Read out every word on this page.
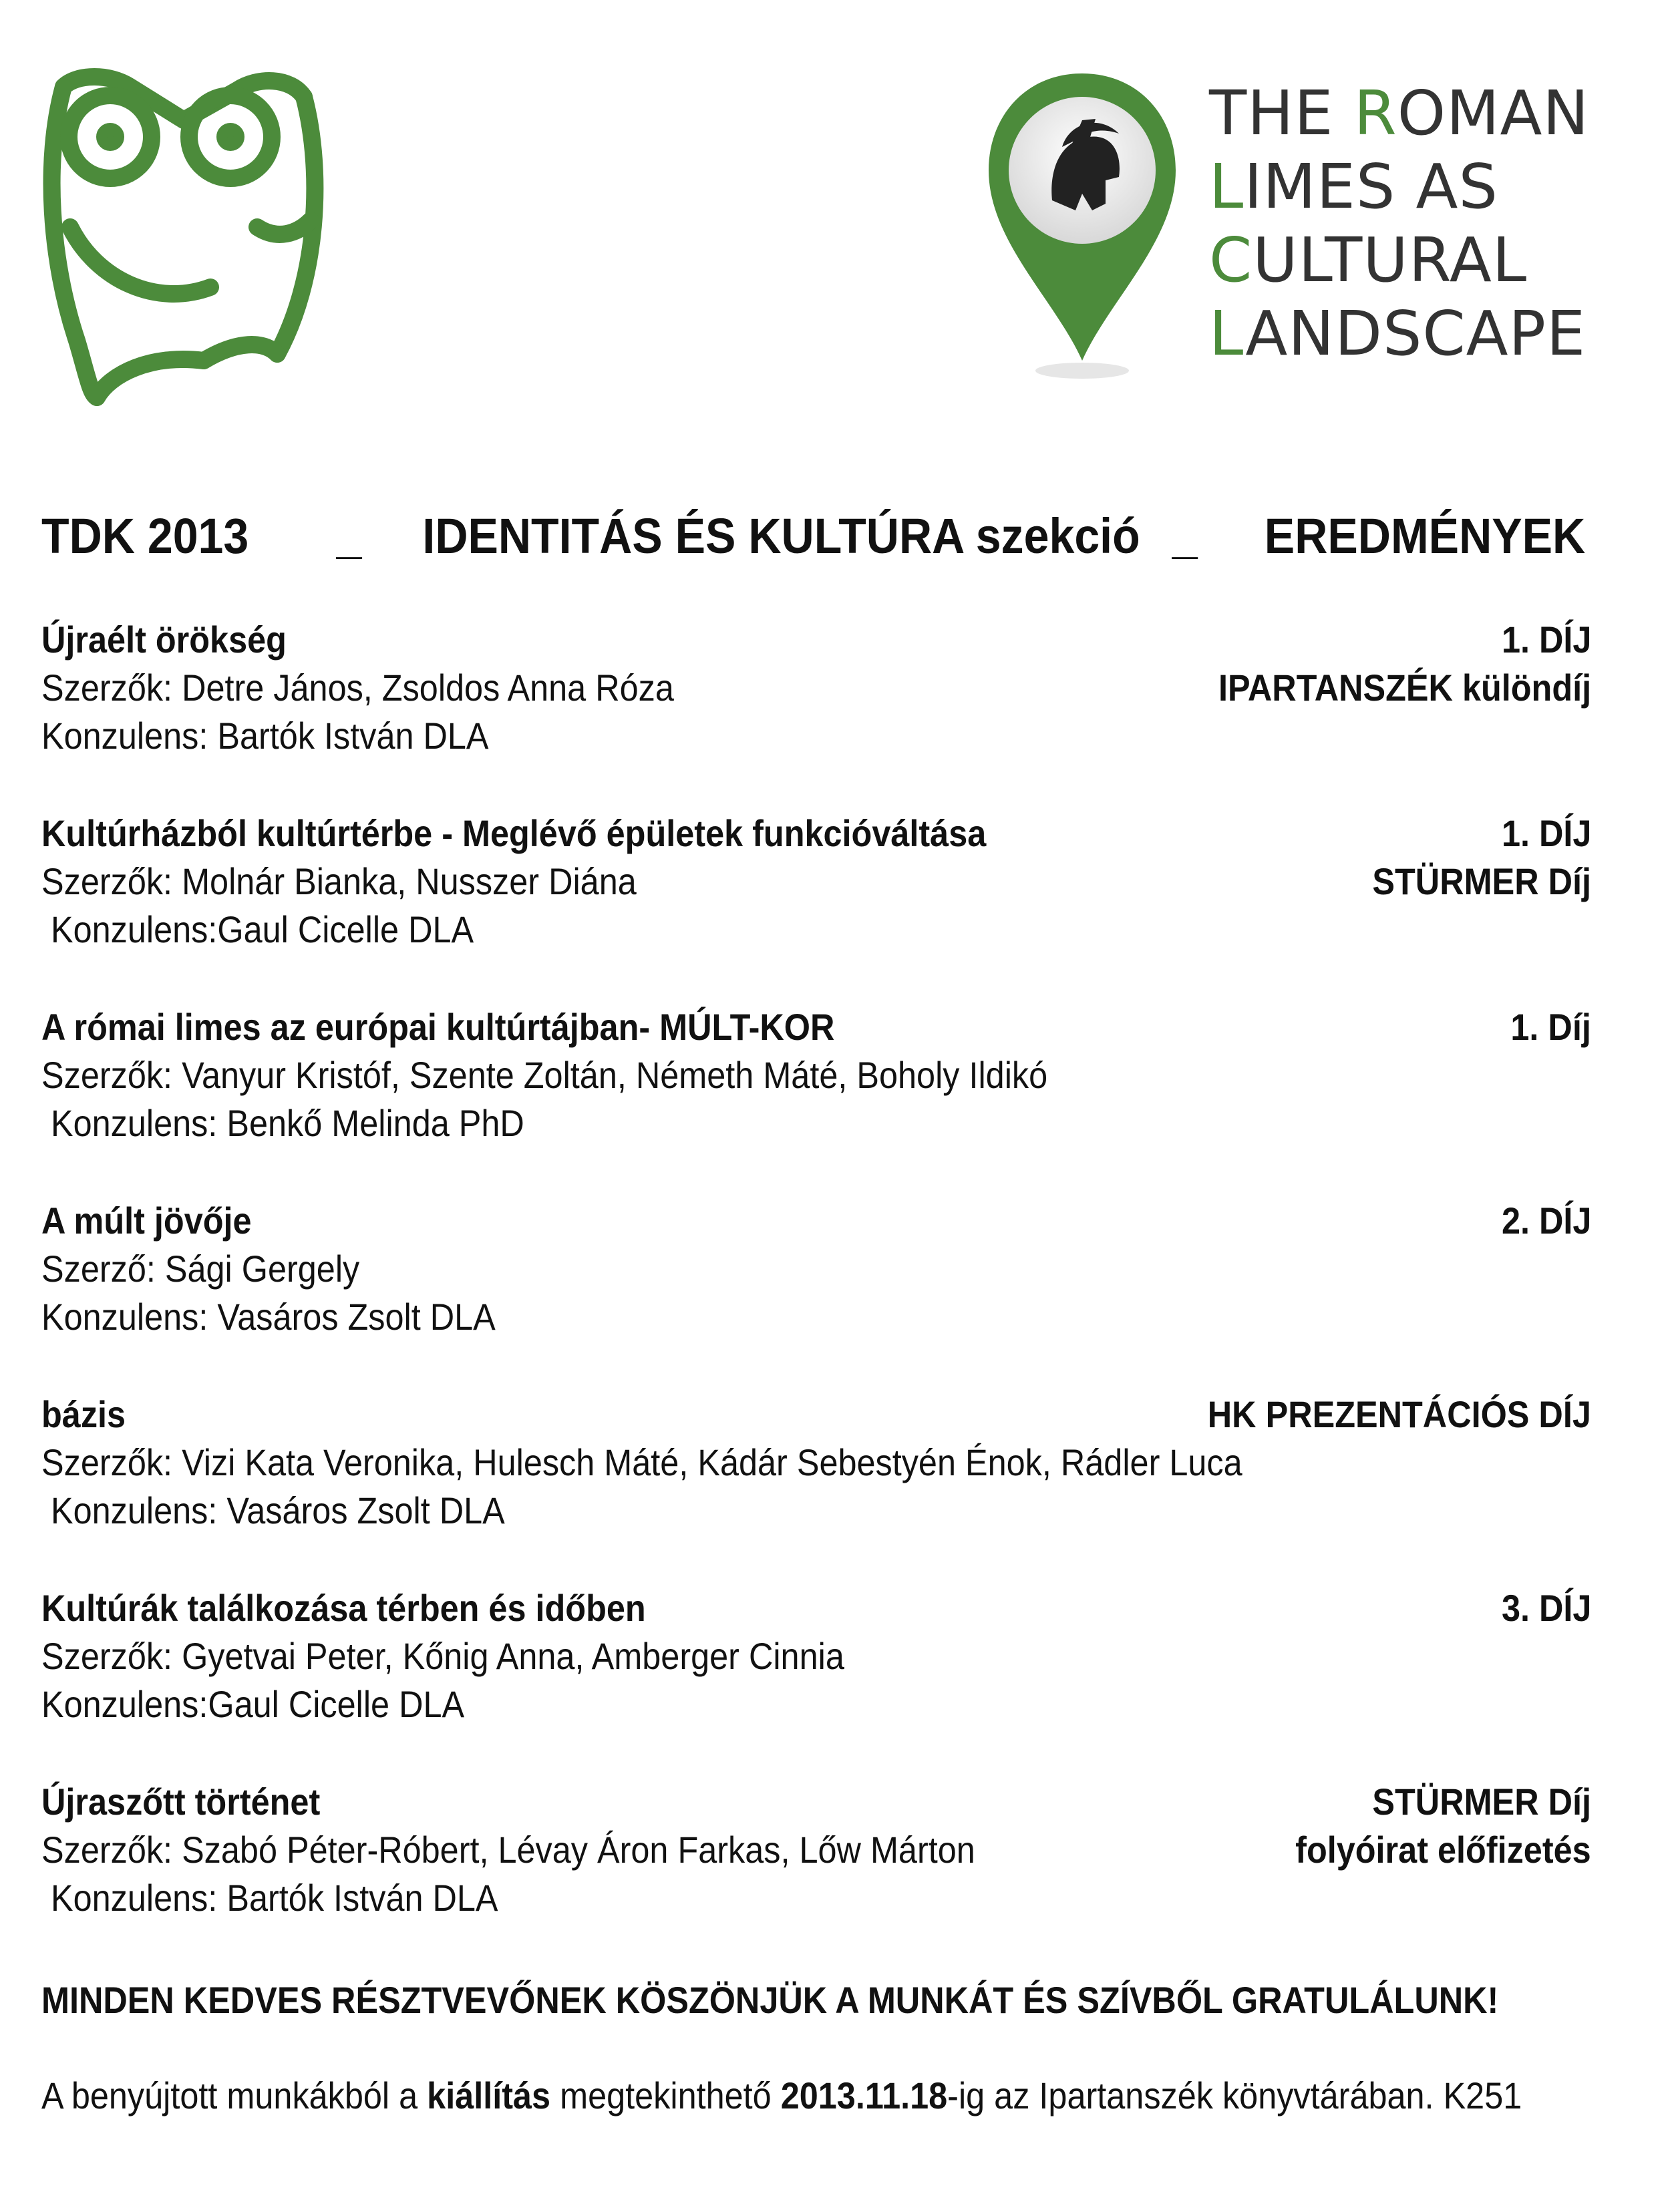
THE ROMAN
LIMES AS
CULTURAL
LANDSCAPE
TDK 2013 _ IDENTITÁS ÉS KULTÚRA szekció _ EREDMÉNYEK
Újraélt örökség
Szerzők: Detre János, Zsoldos Anna Róza
Konzulens: Bartók István DLA
1. DÍJ
IPARTANSZÉK különdíj
Kultúrházból kultúrtérbe - Meglévő épületek funkcióváltása
Szerzők: Molnár Bianka, Nusszer Diána
Konzulens:Gaul Cicelle DLA
1. DÍJ
STÜRMER Díj
A római limes az európai kultúrtájban- MÚLT-KOR
Szerzők: Vanyur Kristóf, Szente Zoltán, Németh Máté, Boholy Ildikó
Konzulens: Benkő Melinda PhD
1. Díj
A múlt jövője
Szerző: Sági Gergely
Konzulens: Vasáros Zsolt DLA
2. DÍJ
bázis
Szerzők: Vizi Kata Veronika, Hulesch Máté, Kádár Sebestyén Énok, Rádler Luca
Konzulens: Vasáros Zsolt DLA
HK PREZENTÁCIÓS DÍJ
Kultúrák találkozása térben és időben
Szerzők: Gyetvai Peter, Kőnig Anna, Amberger Cinnia
Konzulens:Gaul Cicelle DLA
3. DÍJ
Újraszőtt történet
Szerzők: Szabó Péter-Róbert, Lévay Áron Farkas, Lőw Márton
Konzulens: Bartók István DLA
STÜRMER Díj
folyóirat előfizetés
MINDEN KEDVES RÉSZTVEVŐNEK KÖSZÖNJÜK A MUNKÁT ÉS SZÍVBŐL GRATULÁLUNK!
A benyújtott munkákból a kiállítás megtekinthető 2013.11.18-ig az Ipartanszék könyvtárában. K251
